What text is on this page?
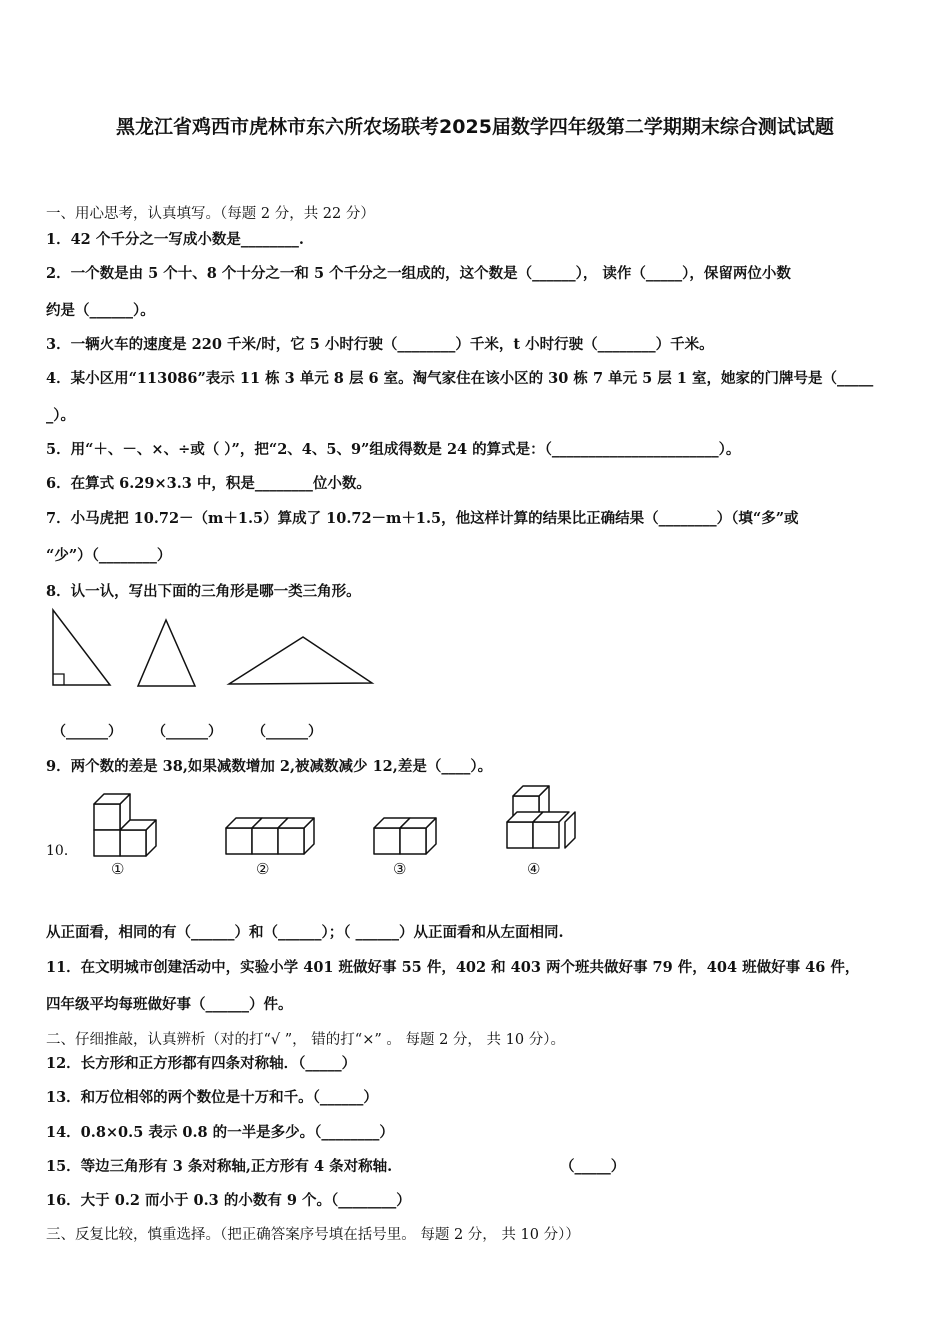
黑龙江省鸡西市虎林市东六所农场联考2025届数学四年级第二学期期末综合测试试题
一、用心思考，认真填写。（每题 2 分，共 22 分）
1．42 个千分之一写成小数是________.
2．一个数是由 5 个十、8 个十分之一和 5 个千分之一组成的，这个数是（______）， 读作（_____），保留两位小数
约是（______）。
3．一辆火车的速度是 220 千米/时，它 5 小时行驶（________）千米，t 小时行驶（________）千米。
4．某小区用“113086”表示 11 栋 3 单元 8 层 6 室。淘气家住在该小区的 30 栋 7 单元 5 层 1 室，她家的门牌号是（_____
_）。
5．用“＋、－、×、÷或（ ）”，把“2、4、5、9”组成得数是 24 的算式是：（_______________________）。
6．在算式 6.29×3.3 中，积是________位小数。
7．小马虎把 10.72－（m＋1.5）算成了 10.72－m＋1.5，他这样计算的结果比正确结果（________）（填“多”或
“少”）（________）
8．认一认，写出下面的三角形是哪一类三角形。
（______） （______） （______）
9．两个数的差是 38,如果减数增加 2,被减数减少 12,差是（____）。
10．
①	②	③	④
从正面看，相同的有（______）和（______）；（ ______）从正面看和从左面相同.
11．在文明城市创建活动中，实验小学 401 班做好事 55 件，402 和 403 两个班共做好事 79 件，404 班做好事 46 件，
四年级平均每班做好事（______）件。
二、仔细推敲，认真辨析（对的打“√ ”， 错的打“×” 。 每题 2 分， 共 10 分）。
12．长方形和正方形都有四条对称轴．（_____）
13．和万位相邻的两个数位是十万和千。（______）
14．0.8×0.5 表示 0.8 的一半是多少。（________）
15．等边三角形有 3 条对称轴,正方形有 4 条对称轴.	（_____）
16．大于 0.2 而小于 0.3 的小数有 9 个。（________）
三、反复比较，慎重选择。（把正确答案序号填在括号里。 每题 2 分， 共 10 分））
